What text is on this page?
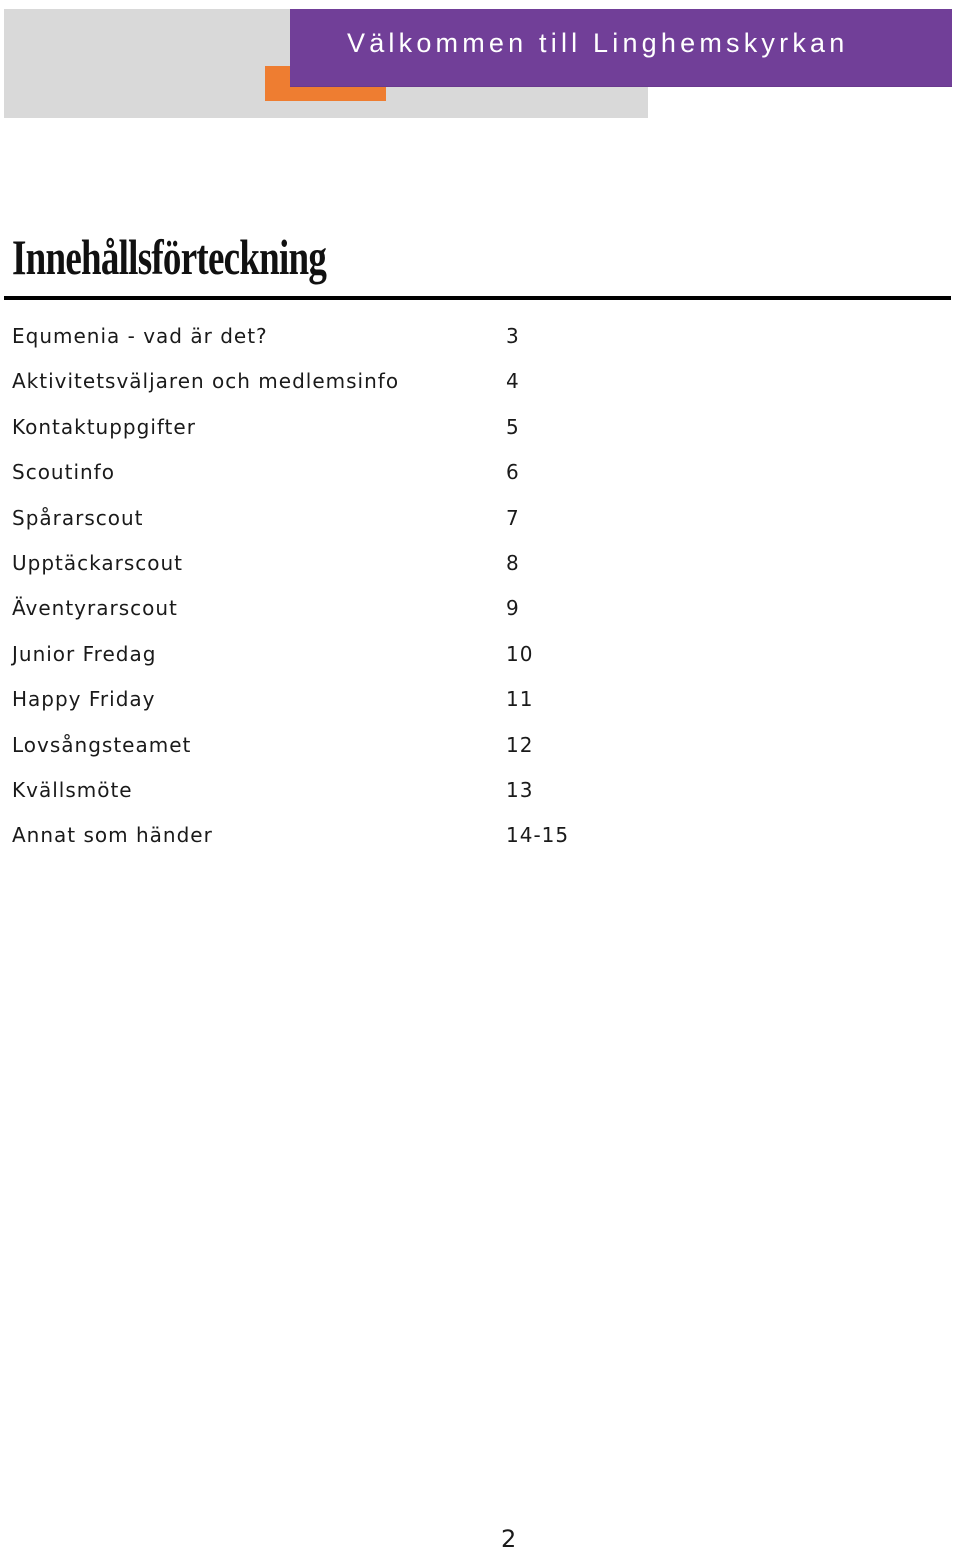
Välkommen till Linghemskyrkan
Innehållsförteckning
Equmenia - vad är det?	3
Aktivitetsväljaren och medlemsinfo	4
Kontaktuppgifter	5
Scoutinfo	6
Spårarscout	7
Upptäckarscout	8
Äventyrarscout	9
Junior Fredag	10
Happy Friday	11
Lovsångsteamet	12
Kvällsmöte	13
Annat som händer	14-15
2
